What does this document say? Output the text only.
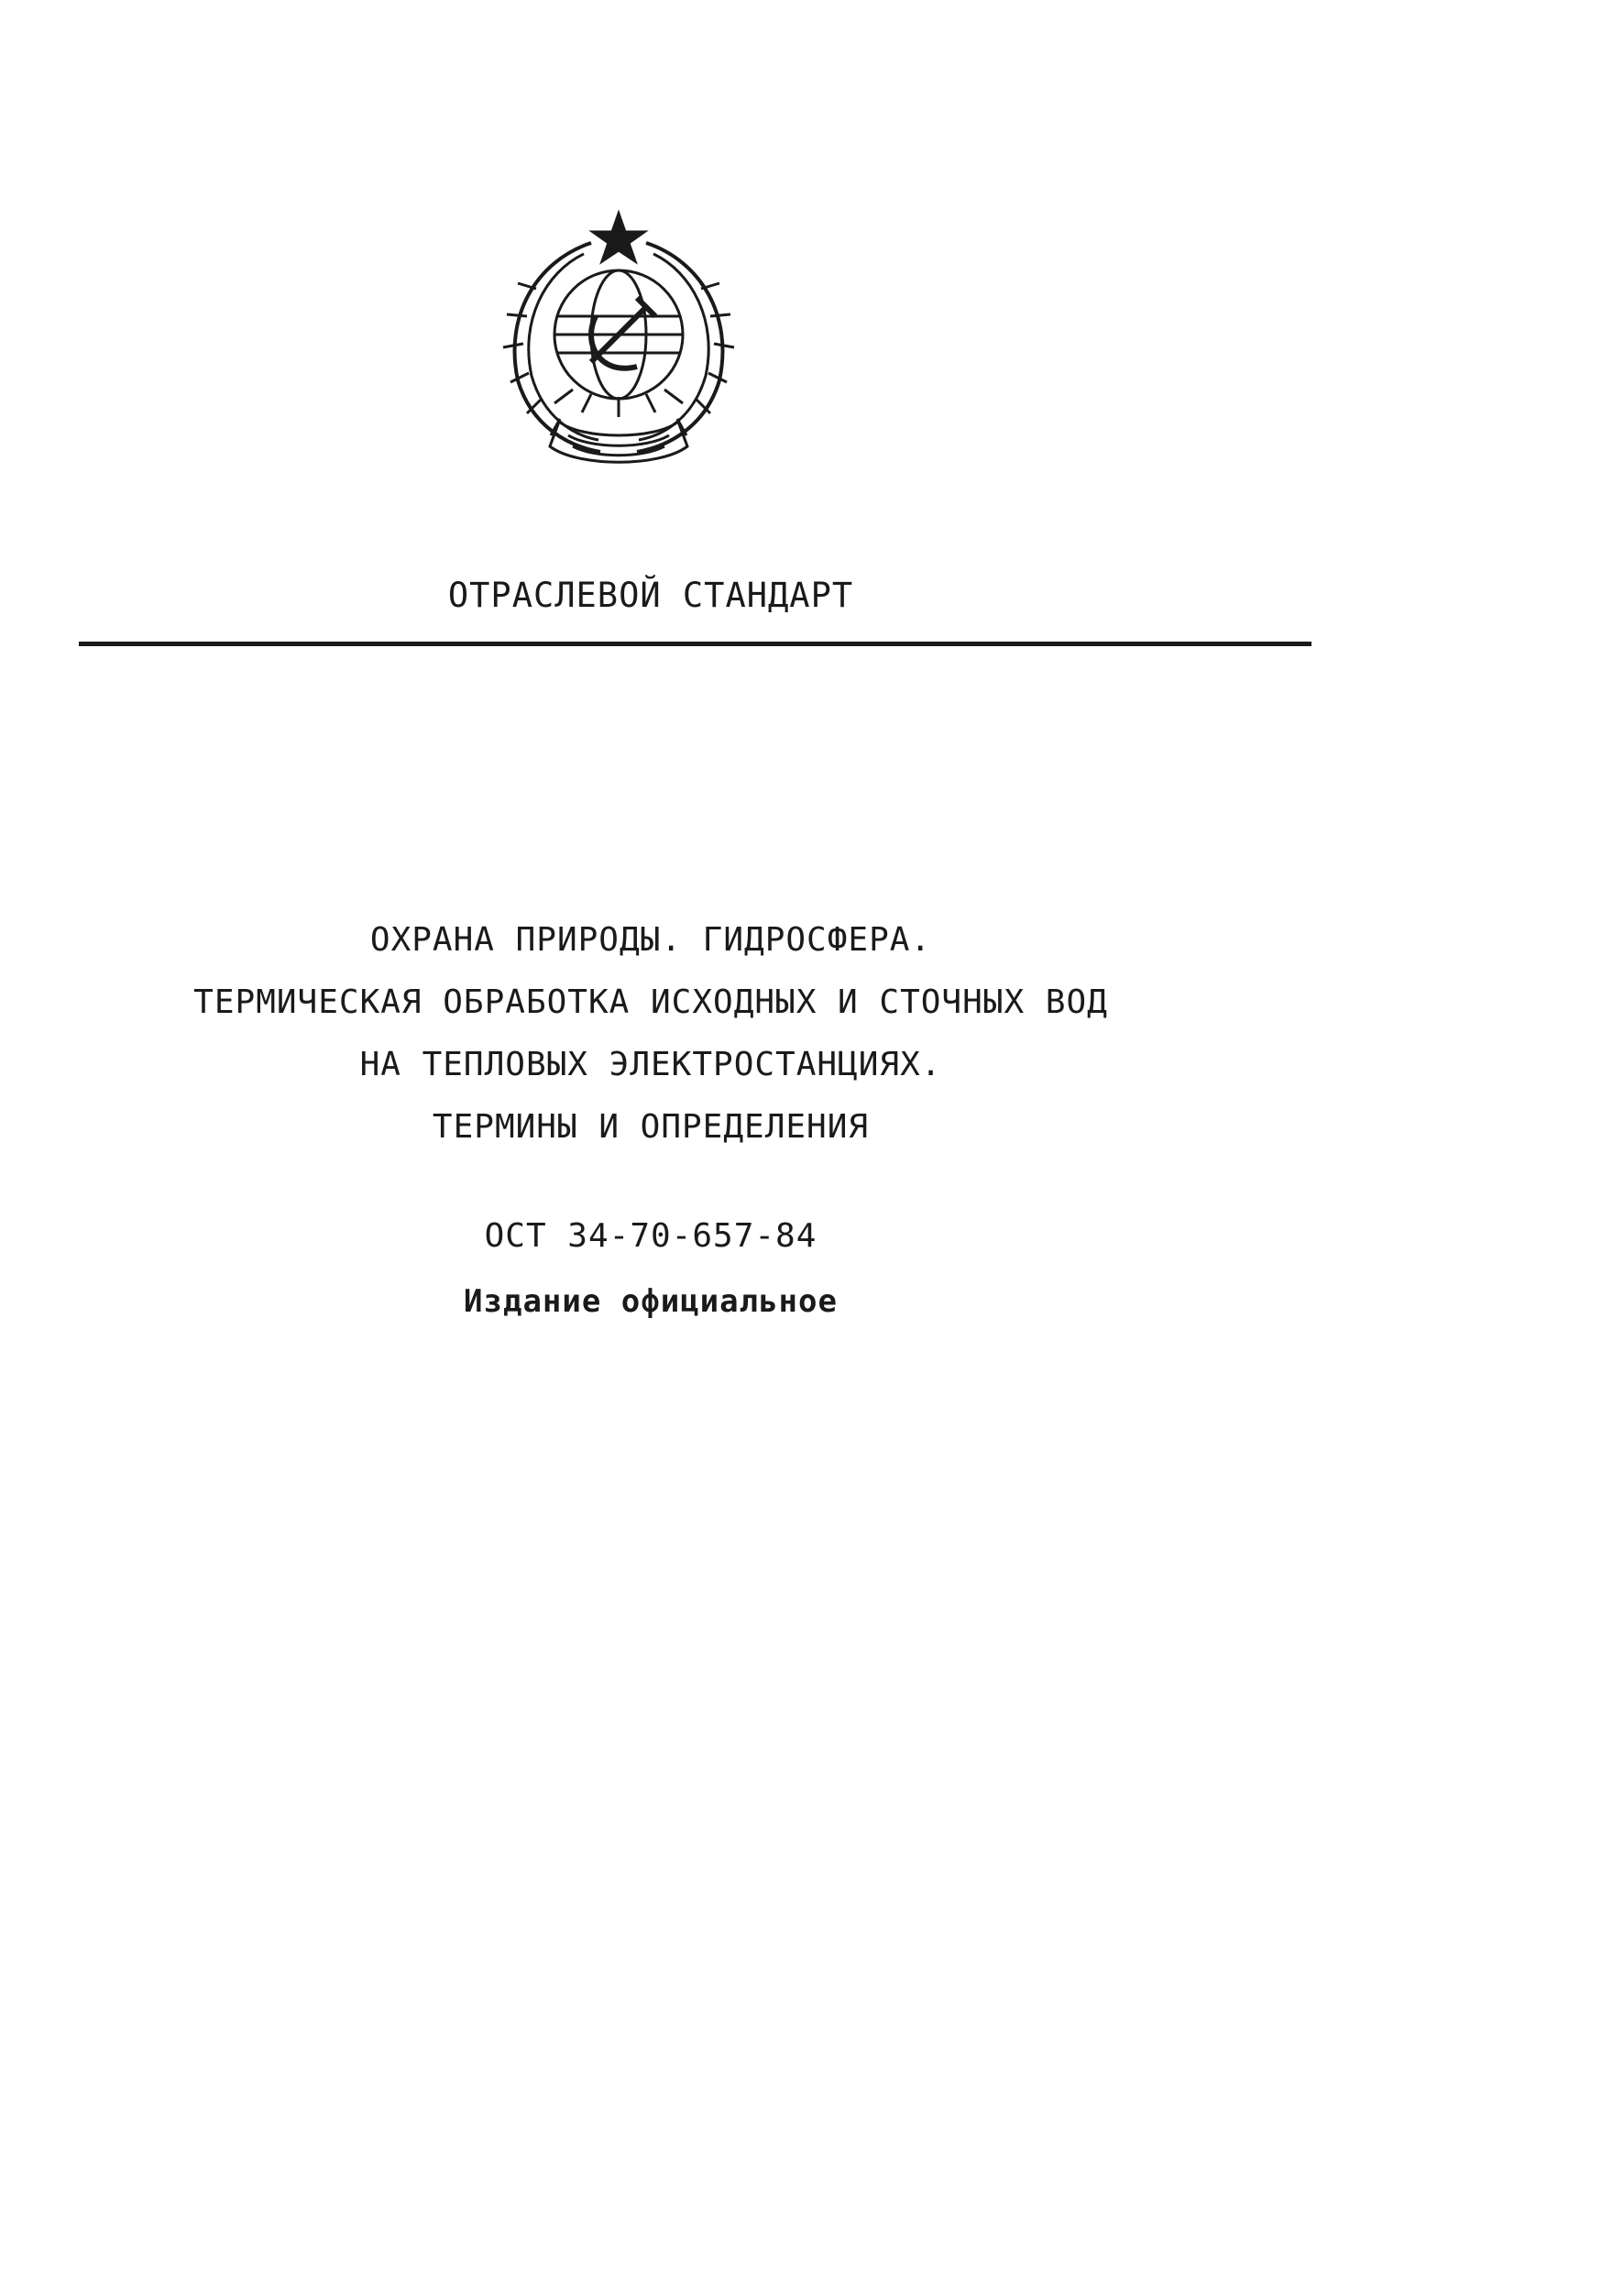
ОТРАСЛЕВОЙ СТАНДАРТ
ОХРАНА ПРИРОДЫ. ГИДРОСФЕРА.
ТЕРМИЧЕСКАЯ ОБРАБОТКА ИСХОДНЫХ И СТОЧНЫХ ВОД
НА ТЕПЛОВЫХ ЭЛЕКТРОСТАНЦИЯХ.
ТЕРМИНЫ И ОПРЕДЕЛЕНИЯ
ОСТ 34-70-657-84
Издание официальное
